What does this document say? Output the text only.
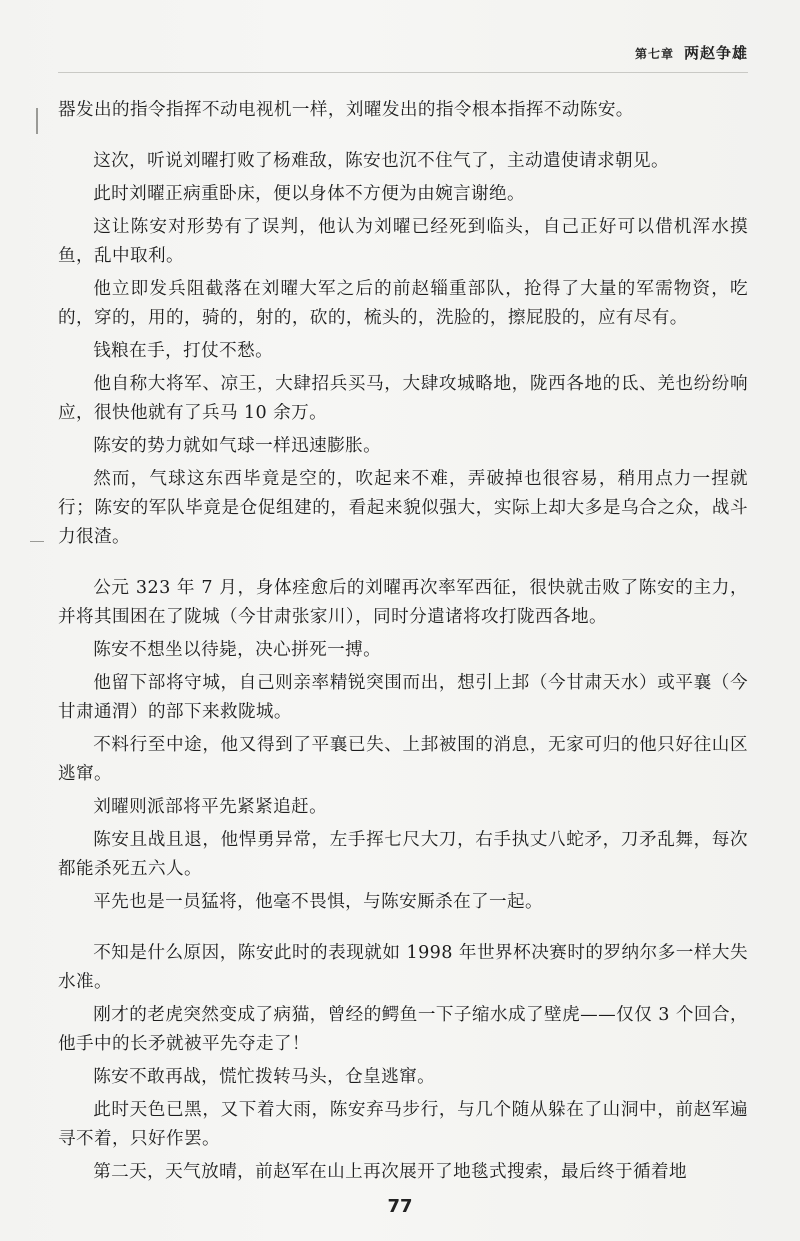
第七章 两赵争雄

器发出的指令指挥不动电视机一样，刘曜发出的指令根本指挥不动陈安。

这次，听说刘曜打败了杨难敌，陈安也沉不住气了，主动遣使请求朝见。

此时刘曜正病重卧床，便以身体不方便为由婉言谢绝。

这让陈安对形势有了误判，他认为刘曜已经死到临头，自己正好可以借机浑水摸鱼，乱中取利。

他立即发兵阻截落在刘曜大军之后的前赵辎重部队，抢得了大量的军需物资，吃的，穿的，用的，骑的，射的，砍的，梳头的，洗脸的，擦屁股的，应有尽有。

钱粮在手，打仗不愁。

他自称大将军、凉王，大肆招兵买马，大肆攻城略地，陇西各地的氐、羌也纷纷响应，很快他就有了兵马 10 余万。

陈安的势力就如气球一样迅速膨胀。

然而，气球这东西毕竟是空的，吹起来不难，弄破掉也很容易，稍用点力一捏就行；陈安的军队毕竟是仓促组建的，看起来貌似强大，实际上却大多是乌合之众，战斗力很渣。

公元 323 年 7 月，身体痊愈后的刘曜再次率军西征，很快就击败了陈安的主力，并将其围困在了陇城（今甘肃张家川），同时分遣诸将攻打陇西各地。

陈安不想坐以待毙，决心拼死一搏。

他留下部将守城，自己则亲率精锐突围而出，想引上邽（今甘肃天水）或平襄（今甘肃通渭）的部下来救陇城。

不料行至中途，他又得到了平襄已失、上邽被围的消息，无家可归的他只好往山区逃窜。

刘曜则派部将平先紧紧追赶。

陈安且战且退，他悍勇异常，左手挥七尺大刀，右手执丈八蛇矛，刀矛乱舞，每次都能杀死五六人。

平先也是一员猛将，他毫不畏惧，与陈安厮杀在了一起。

不知是什么原因，陈安此时的表现就如 1998 年世界杯决赛时的罗纳尔多一样大失水准。

刚才的老虎突然变成了病猫，曾经的鳄鱼一下子缩水成了壁虎——仅仅 3 个回合，他手中的长矛就被平先夺走了！

陈安不敢再战，慌忙拨转马头，仓皇逃窜。

此时天色已黑，又下着大雨，陈安弃马步行，与几个随从躲在了山洞中，前赵军遍寻不着，只好作罢。

第二天，天气放晴，前赵军在山上再次展开了地毯式搜索，最后终于循着地

77
